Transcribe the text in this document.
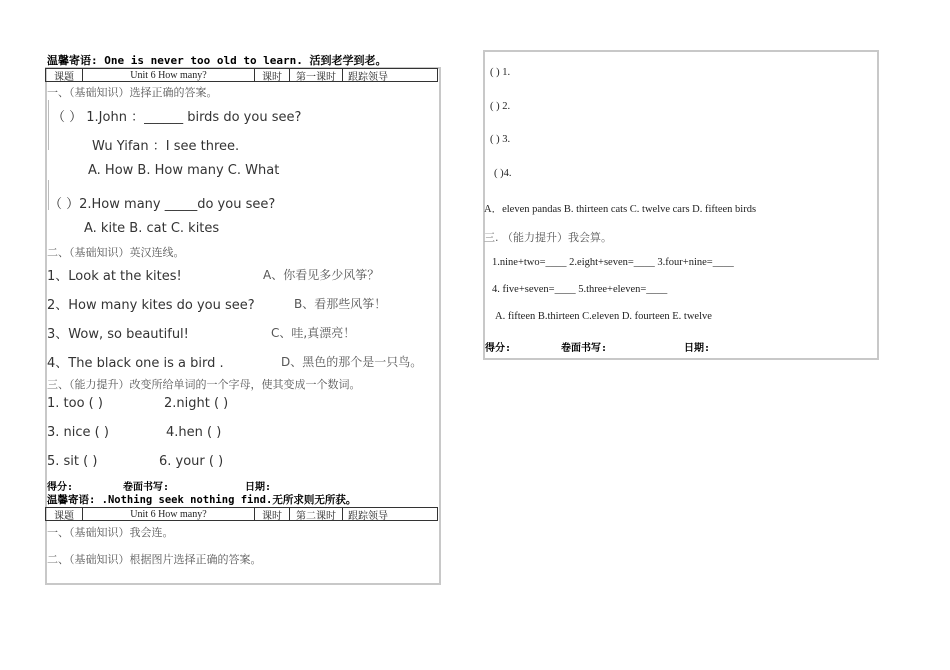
温馨寄语: One is never too old to learn. 活到老学到老。
课题	Unit 6 How many?	课时	第一课时	跟踪领导
一、（基础知识）选择正确的答案。
（ ） 1.John ：______ birds do you see?
Wu Yifan ：I see three.
A. How B. How many C. What
（ ）2.How many _____do you see?
A. kite B. cat C. kites
二、（基础知识）英汉连线。
1、Look at the kites!	A、你看见多少风筝？
2、How many kites do you see?	B、看那些风筝！
3、Wow, so beautiful!	C、哇,真漂亮！
4、The black one is a bird .	D、黑色的那个是一只鸟。
三、（能力提升）改变所给单词的一个字母，使其变成一个数词。
1. too ( )	2.night ( )
3. nice ( )	4.hen ( )
5. sit ( )	6. your ( )
得分:	卷面书写:	日期:
温馨寄语: .Nothing seek nothing find.无所求则无所获。
课题	Unit 6 How many?	课时	第二课时	跟踪领导
一、（基础知识）我会连。
二、（基础知识）根据图片选择正确的答案。
( ) 1.
( ) 2.
( ) 3.
( )4.
A．eleven pandas B. thirteen cats C. twelve cars D. fifteen birds
三. （能力提升）我会算。
1.nine+two=____ 2.eight+seven=____ 3.four+nine=____
4. five+seven=____ 5.three+eleven=____
A. fifteen B.thirteen C.eleven D. fourteen E. twelve
得分:	卷面书写:	日期:
